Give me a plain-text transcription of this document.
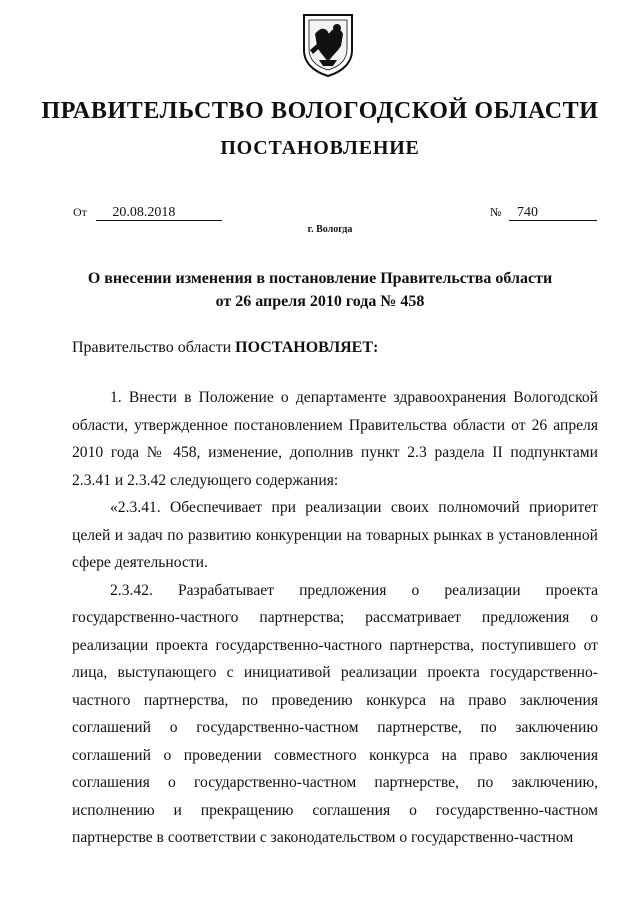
ПРАВИТЕЛЬСТВО ВОЛОГОДСКОЙ ОБЛАСТИ
ПОСТАНОВЛЕНИЕ
От 20.08.2018	№ 740
г. Вологда
О внесении изменения в постановление Правительства области
от 26 апреля 2010 года № 458
Правительство области ПОСТАНОВЛЯЕТ:

1. Внести в Положение о департаменте здравоохранения Вологодской области, утвержденное постановлением Правительства области от 26 апреля 2010 года № 458, изменение, дополнив пункт 2.3 раздела II подпунктами 2.3.41 и 2.3.42 следующего содержания:

«2.3.41. Обеспечивает при реализации своих полномочий приоритет целей и задач по развитию конкуренции на товарных рынках в установленной сфере деятельности.

2.3.42. Разрабатывает предложения о реализации проекта государственно-частного партнерства; рассматривает предложения о реализации проекта государственно-частного партнерства, поступившего от лица, выступающего с инициативой реализации проекта государственно-частного партнерства, по проведению конкурса на право заключения соглашений о государственно-частном партнерстве, по заключению соглашений о проведении совместного конкурса на право заключения соглашения о государственно-частном партнерстве, по заключению, исполнению и прекращению соглашения о государственно-частном партнерстве в соответствии с законодательством о государственно-частном
